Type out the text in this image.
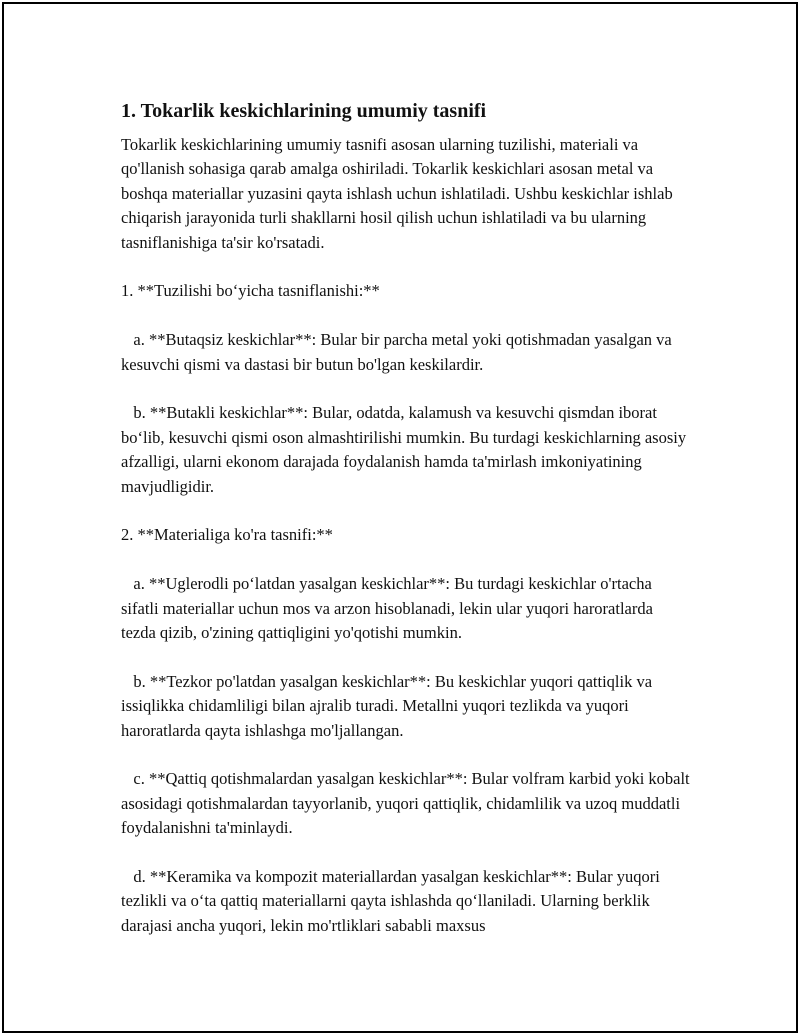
1. Tokarlik keskichlarining umumiy tasnifi

Tokarlik keskichlarining umumiy tasnifi asosan ularning tuzilishi, materiali va qo'llanish sohasiga qarab amalga oshiriladi. Tokarlik keskichlari asosan metal va boshqa materiallar yuzasini qayta ishlash uchun ishlatiladi. Ushbu keskichlar ishlab chiqarish jarayonida turli shakllarni hosil qilish uchun ishlatiladi va bu ularning tasniflanishiga ta'sir ko'rsatadi.

1. **Tuzilishi bo‘yicha tasniflanishi:**

a. **Butaqsiz keskichlar**: Bular bir parcha metal yoki qotishmadan yasalgan va kesuvchi qismi va dastasi bir butun bo'lgan keskilardir.

b. **Butakli keskichlar**: Bular, odatda, kalamush va kesuvchi qismdan iborat bo‘lib, kesuvchi qismi oson almashtirilishi mumkin. Bu turdagi keskichlarning asosiy afzalligi, ularni ekonom darajada foydalanish hamda ta'mirlash imkoniyatining mavjudligidir.

2. **Materialiga ko'ra tasnifi:**

a. **Uglerodli po‘latdan yasalgan keskichlar**: Bu turdagi keskichlar o'rtacha sifatli materiallar uchun mos va arzon hisoblanadi, lekin ular yuqori haroratlarda tezda qizib, o'zining qattiqligini yo'qotishi mumkin.

b. **Tezkor po'latdan yasalgan keskichlar**: Bu keskichlar yuqori qattiqlik va issiqlikka chidamliligi bilan ajralib turadi. Metallni yuqori tezlikda va yuqori haroratlarda qayta ishlashga mo'ljallangan.

c. **Qattiq qotishmalardan yasalgan keskichlar**: Bular volfram karbid yoki kobalt asosidagi qotishmalardan tayyorlanib, yuqori qattiqlik, chidamlilik va uzoq muddatli foydalanishni ta'minlaydi.

d. **Keramika va kompozit materiallardan yasalgan keskichlar**: Bular yuqori tezlikli va o‘ta qattiq materiallarni qayta ishlashda qo‘llaniladi. Ularning berklik darajasi ancha yuqori, lekin mo'rtliklari sababli maxsus
